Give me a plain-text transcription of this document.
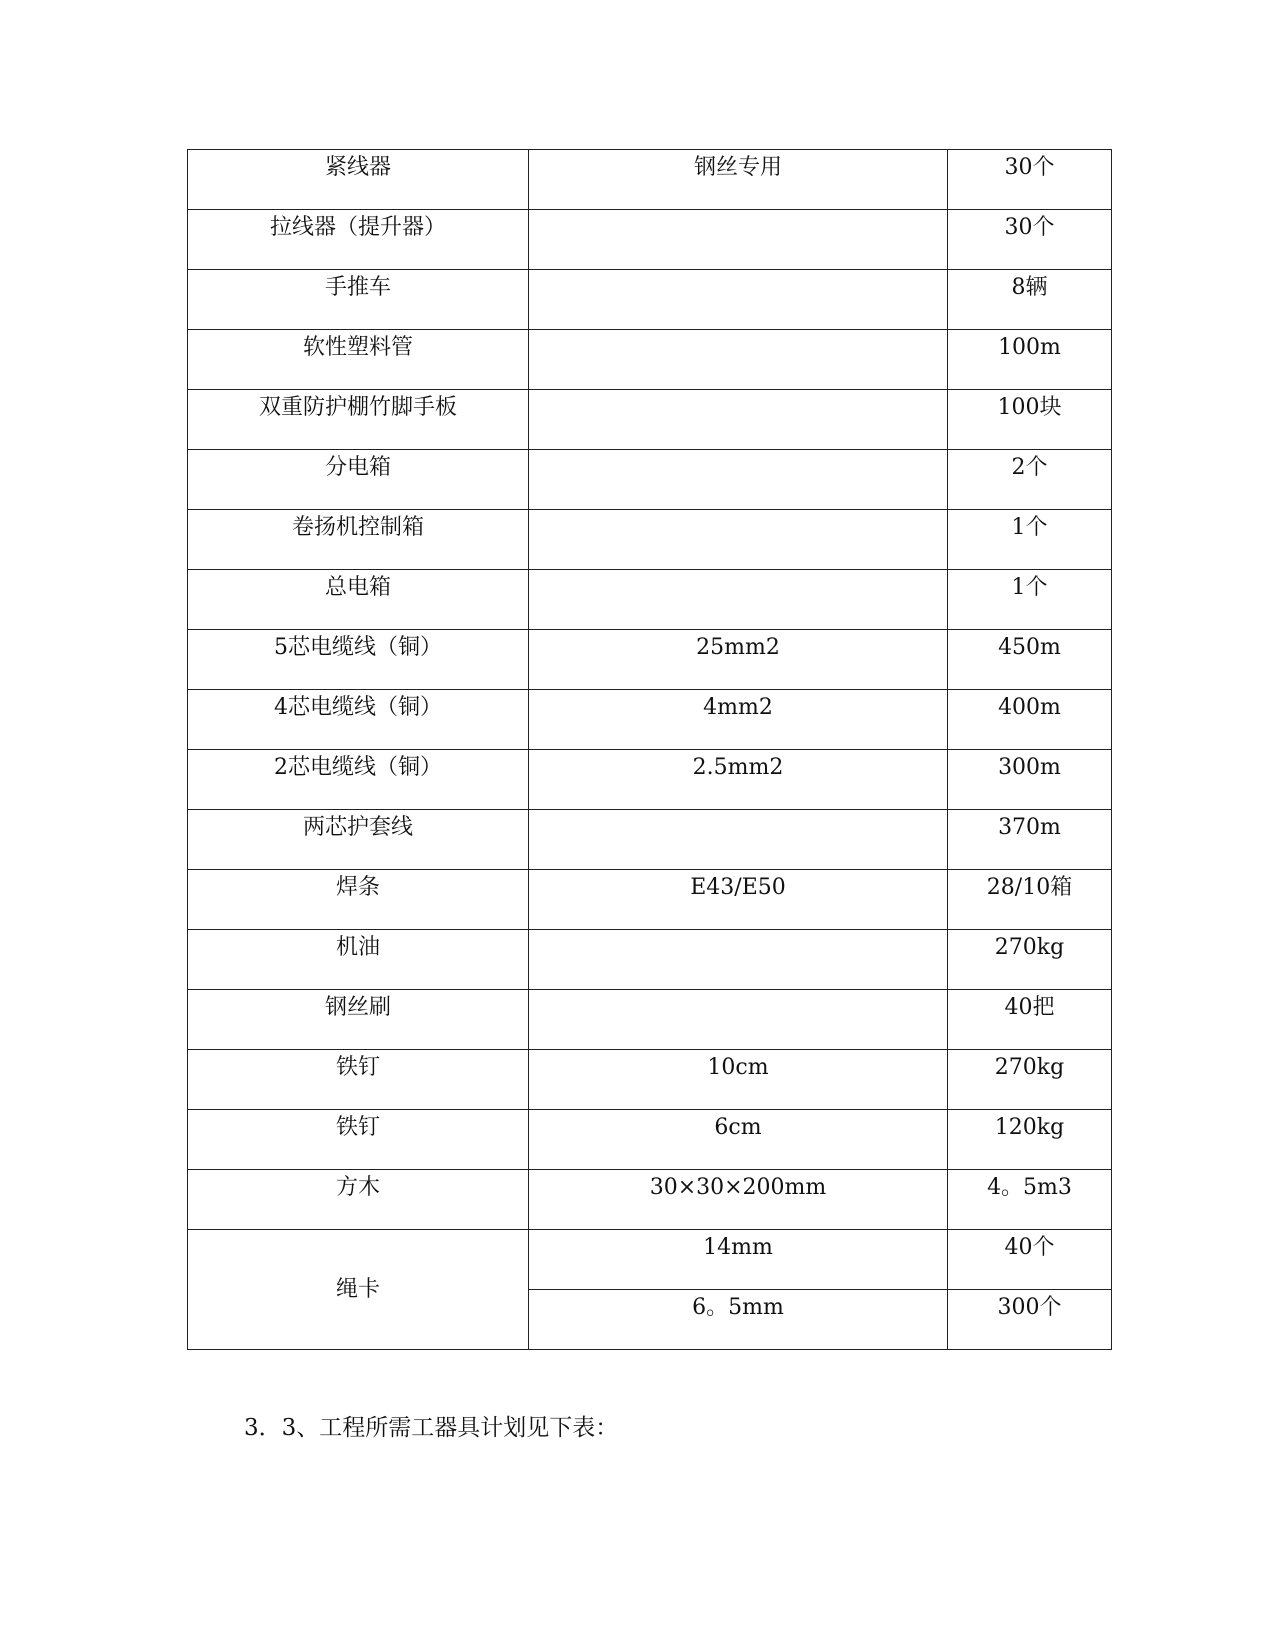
紧线器	钢丝专用	30个
拉线器（提升器）		30个
手推车		8辆
软性塑料管		100m
双重防护棚竹脚手板		100块
分电箱		2个
卷扬机控制箱		1个
总电箱		1个
5芯电缆线（铜）	25mm2	450m
4芯电缆线（铜）	4mm2	400m
2芯电缆线（铜）	2.5mm2	300m
两芯护套线		370m
焊条	E43/E50	28/10箱
机油		270kg
钢丝刷		40把
铁钉	10cm	270kg
铁钉	6cm	120kg
方木	30×30×200mm	4。5m3
绳卡	14mm	40个
	6。5mm	300个
3．3、工程所需工器具计划见下表：
